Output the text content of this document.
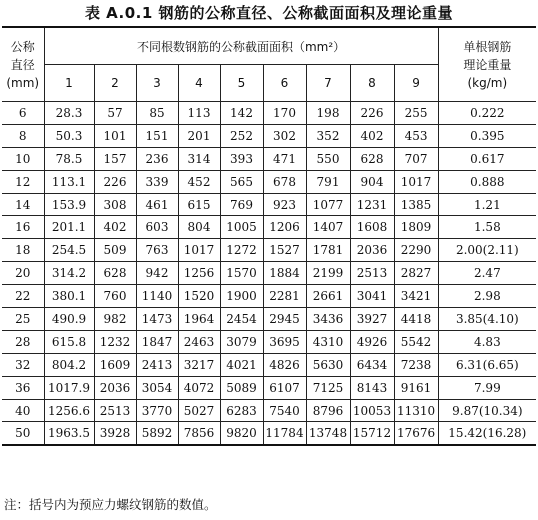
表 A.0.1 钢筋的公称直径、公称截面面积及理论重量
公称
直径
(mm)	不同根数钢筋的公称截面面积（mm²）									单根钢筋
理论重量
(kg/m)

	1	2	3	4	5	6	7	8	9	
6	28.3	57	85	113	142	170	198	226	255	0.222
8	50.3	101	151	201	252	302	352	402	453	0.395
10	78.5	157	236	314	393	471	550	628	707	0.617
12	113.1	226	339	452	565	678	791	904	1017	0.888
14	153.9	308	461	615	769	923	1077	1231	1385	1.21
16	201.1	402	603	804	1005	1206	1407	1608	1809	1.58
18	254.5	509	763	1017	1272	1527	1781	2036	2290	2.00(2.11)
20	314.2	628	942	1256	1570	1884	2199	2513	2827	2.47
22	380.1	760	1140	1520	1900	2281	2661	3041	3421	2.98
25	490.9	982	1473	1964	2454	2945	3436	3927	4418	3.85(4.10)
28	615.8	1232	1847	2463	3079	3695	4310	4926	5542	4.83
32	804.2	1609	2413	3217	4021	4826	5630	6434	7238	6.31(6.65)
36	1017.9	2036	3054	4072	5089	6107	7125	8143	9161	7.99
40	1256.6	2513	3770	5027	6283	7540	8796	10053	11310	9.87(10.34)
50	1963.5	3928	5892	7856	9820	11784	13748	15712	17676	15.42(16.28)
注：括号内为预应力螺纹钢筋的数值。
